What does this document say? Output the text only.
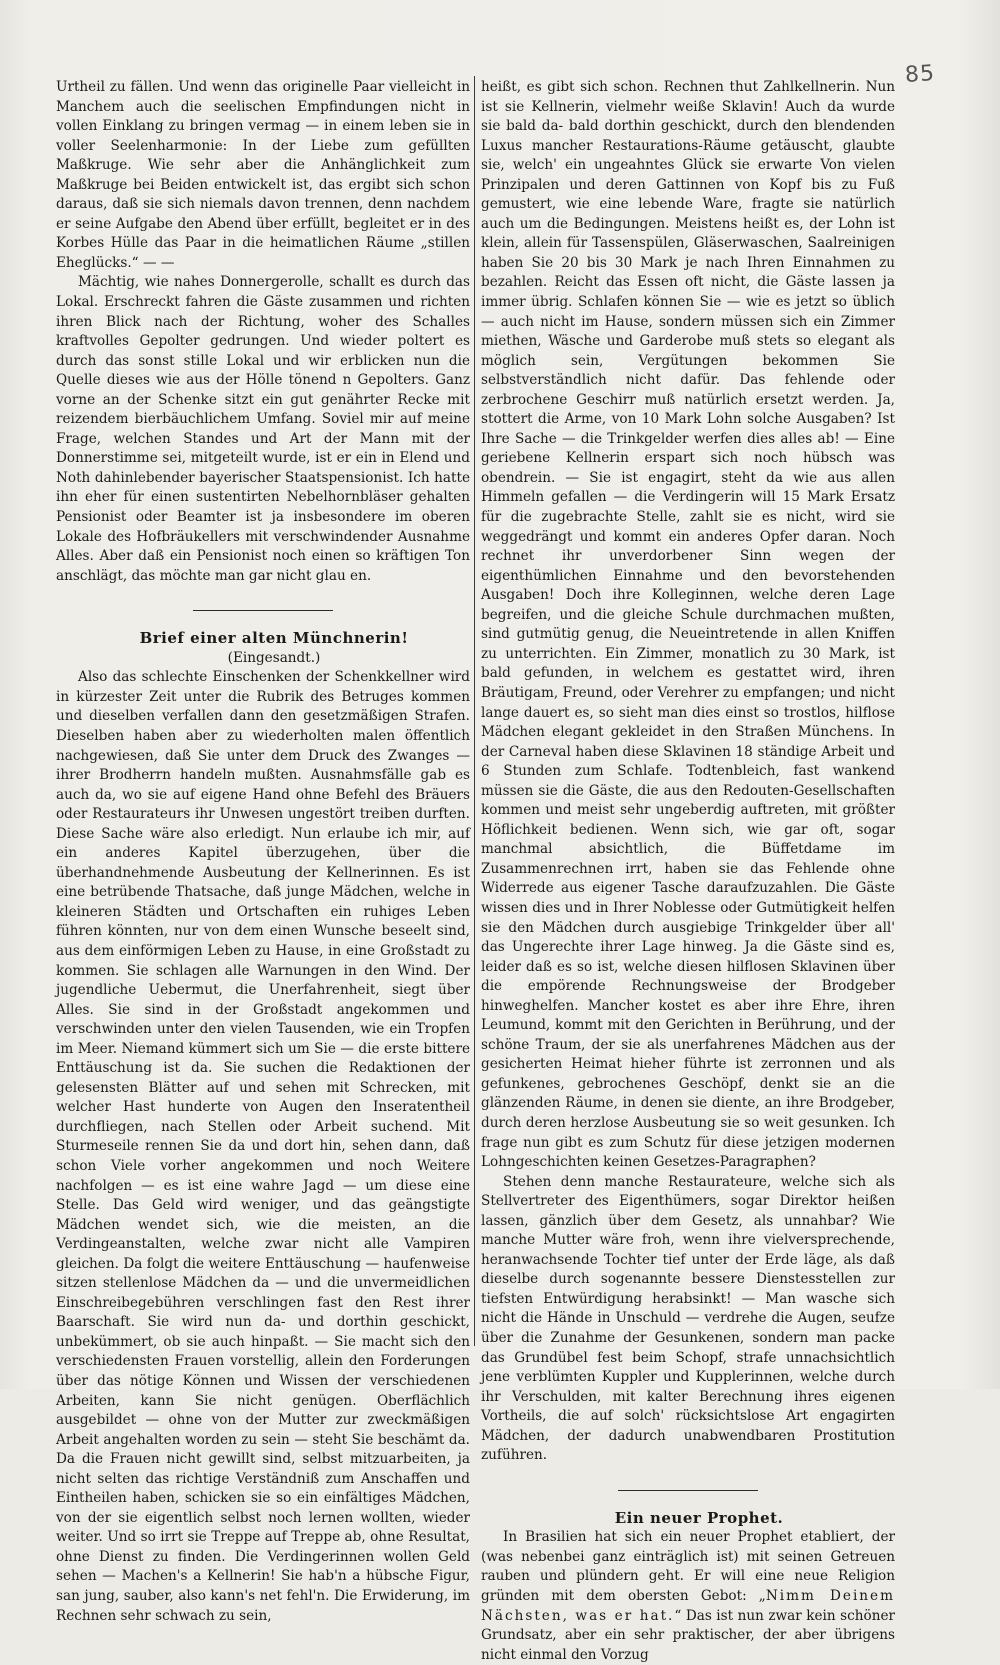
85

Urtheil zu fällen. Und wenn das originelle Paar vielleicht in Manchem auch die seelischen Empfindungen nicht in vollen Einklang zu bringen vermag — in einem leben sie in voller Seelenharmonie: In der Liebe zum gefüllten Maßkruge. Wie sehr aber die Anhänglichkeit zum Maßkruge bei Beiden entwickelt ist, das ergibt sich schon daraus, daß sie sich niemals davon trennen, denn nachdem er seine Aufgabe den Abend über erfüllt, begleitet er in des Korbes Hülle das Paar in die heimatlichen Räume „stillen Eheglücks.“ — —

Mächtig, wie nahes Donnergerolle, schallt es durch das Lokal. Erschreckt fahren die Gäste zusammen und richten ihren Blick nach der Richtung, woher des Schalles kraftvolles Gepolter gedrungen. Und wieder poltert es durch das sonst stille Lokal und wir erblicken nun die Quelle dieses wie aus der Hölle tönend n Gepolters. Ganz vorne an der Schenke sitzt ein gut genährter Recke mit reizendem bierbäuchlichem Umfang. Soviel mir auf meine Frage, welchen Standes und Art der Mann mit der Donnerstimme sei, mitgeteilt wurde, ist er ein in Elend und Noth dahinlebender bayerischer Staatspensionist. Ich hatte ihn eher für einen sustentirten Nebelhornbläser gehalten Pensionist oder Beamter ist ja insbesondere im oberen Lokale des Hofbräukellers mit verschwindender Ausnahme Alles. Aber daß ein Pensionist noch einen so kräftigen Ton anschlägt, das möchte man gar nicht glau en.

Brief einer alten Münchnerin!

(Eingesandt.)

Also das schlechte Einschenken der Schenkkellner wird in kürzester Zeit unter die Rubrik des Betruges kommen und dieselben verfallen dann den gesetzmäßigen Strafen. Dieselben haben aber zu wiederholten malen öffentlich nachgewiesen, daß Sie unter dem Druck des Zwanges — ihrer Brodherrn handeln mußten. Ausnahmsfälle gab es auch da, wo sie auf eigene Hand ohne Befehl des Bräuers oder Restaurateurs ihr Unwesen ungestört treiben durften. Diese Sache wäre also erledigt. Nun erlaube ich mir, auf ein anderes Kapitel überzugehen, über die überhandnehmende Ausbeutung der Kellnerinnen. Es ist eine betrübende Thatsache, daß junge Mädchen, welche in kleineren Städten und Ortschaften ein ruhiges Leben führen könnten, nur von dem einen Wunsche beseelt sind, aus dem einförmigen Leben zu Hause, in eine Großstadt zu kommen. Sie schlagen alle Warnungen in den Wind. Der jugendliche Uebermut, die Unerfahrenheit, siegt über Alles. Sie sind in der Großstadt angekommen und verschwinden unter den vielen Tausenden, wie ein Tropfen im Meer. Niemand kümmert sich um Sie — die erste bittere Enttäuschung ist da. Sie suchen die Redaktionen der gelesensten Blätter auf und sehen mit Schrecken, mit welcher Hast hunderte von Augen den Inseratentheil durchfliegen, nach Stellen oder Arbeit suchend. Mit Sturmeseile rennen Sie da und dort hin, sehen dann, daß schon Viele vorher angekommen und noch Weitere nachfolgen — es ist eine wahre Jagd — um diese eine Stelle. Das Geld wird weniger, und das geängstigte Mädchen wendet sich, wie die meisten, an die Verdingeanstalten, welche zwar nicht alle Vampiren gleichen. Da folgt die weitere Enttäuschung — haufenweise sitzen stellenlose Mädchen da — und die unvermeidlichen Einschreibegebühren verschlingen fast den Rest ihrer Baarschaft. Sie wird nun da- und dorthin geschickt, unbekümmert, ob sie auch hinpaßt. — Sie macht sich den verschiedensten Frauen vorstellig, allein den Forderungen über das nötige Können und Wissen der verschiedenen Arbeiten, kann Sie nicht genügen. Oberflächlich ausgebildet — ohne von der Mutter zur zweckmäßigen Arbeit angehalten worden zu sein — steht Sie beschämt da. Da die Frauen nicht gewillt sind, selbst mitzuarbeiten, ja nicht selten das richtige Verständniß zum Anschaffen und Eintheilen haben, schicken sie so ein einfältiges Mädchen, von der sie eigentlich selbst noch lernen wollten, wieder weiter. Und so irrt sie Treppe auf Treppe ab, ohne Resultat, ohne Dienst zu finden. Die Verdingerinnen wollen Geld sehen — Machen's a Kellnerin! Sie hab'n a hübsche Figur, san jung, sauber, also kann's net fehl'n. Die Erwiderung, im Rechnen sehr schwach zu sein,

heißt, es gibt sich schon. Rechnen thut Zahlkellnerin. Nun ist sie Kellnerin, vielmehr weiße Sklavin! Auch da wurde sie bald da- bald dorthin geschickt, durch den blendenden Luxus mancher Restaurations-Räume getäuscht, glaubte sie, welch' ein ungeahntes Glück sie erwarte Von vielen Prinzipalen und deren Gattinnen von Kopf bis zu Fuß gemustert, wie eine lebende Ware, fragte sie natürlich auch um die Bedingungen. Meistens heißt es, der Lohn ist klein, allein für Tassenspülen, Gläserwaschen, Saalreinigen haben Sie 20 bis 30 Mark je nach Ihren Einnahmen zu bezahlen. Reicht das Essen oft nicht, die Gäste lassen ja immer übrig. Schlafen können Sie — wie es jetzt so üblich — auch nicht im Hause, sondern müssen sich ein Zimmer miethen, Wäsche und Garderobe muß stets so elegant als möglich sein, Vergütungen bekommen Sie selbstverständlich nicht dafür. Das fehlende oder zerbrochene Geschirr muß natürlich ersetzt werden. Ja, stottert die Arme, von 10 Mark Lohn solche Ausgaben? Ist Ihre Sache — die Trinkgelder werfen dies alles ab! — Eine geriebene Kellnerin erspart sich noch hübsch was obendrein. — Sie ist engagirt, steht da wie aus allen Himmeln gefallen — die Verdingerin will 15 Mark Ersatz für die zugebrachte Stelle, zahlt sie es nicht, wird sie weggedrängt und kommt ein anderes Opfer daran. Noch rechnet ihr unverdorbener Sinn wegen der eigenthümlichen Einnahme und den bevorstehenden Ausgaben! Doch ihre Kolleginnen, welche deren Lage begreifen, und die gleiche Schule durchmachen mußten, sind gutmütig genug, die Neueintretende in allen Kniffen zu unterrichten. Ein Zimmer, monatlich zu 30 Mark, ist bald gefunden, in welchem es gestattet wird, ihren Bräutigam, Freund, oder Verehrer zu empfangen; und nicht lange dauert es, so sieht man dies einst so trostlos, hilflose Mädchen elegant gekleidet in den Straßen Münchens. In der Carneval haben diese Sklavinen 18 ständige Arbeit und 6 Stunden zum Schlafe. Todtenbleich, fast wankend müssen sie die Gäste, die aus den Redouten-Gesellschaften kommen und meist sehr ungeberdig auftreten, mit größter Höflichkeit bedienen. Wenn sich, wie gar oft, sogar manchmal absichtlich, die Büffetdame im Zusammenrechnen irrt, haben sie das Fehlende ohne Widerrede aus eigener Tasche daraufzuzahlen. Die Gäste wissen dies und in Ihrer Noblesse oder Gutmütigkeit helfen sie den Mädchen durch ausgiebige Trinkgelder über all' das Ungerechte ihrer Lage hinweg. Ja die Gäste sind es, leider daß es so ist, welche diesen hilflosen Sklavinen über die empörende Rechnungsweise der Brodgeber hinweghelfen. Mancher kostet es aber ihre Ehre, ihren Leumund, kommt mit den Gerichten in Berührung, und der schöne Traum, der sie als unerfahrenes Mädchen aus der gesicherten Heimat hieher führte ist zerronnen und als gefunkenes, gebrochenes Geschöpf, denkt sie an die glänzenden Räume, in denen sie diente, an ihre Brodgeber, durch deren herzlose Ausbeutung sie so weit gesunken. Ich frage nun gibt es zum Schutz für diese jetzigen modernen Lohngeschichten keinen Gesetzes-Paragraphen?

Stehen denn manche Restaurateure, welche sich als Stellvertreter des Eigenthümers, sogar Direktor heißen lassen, gänzlich über dem Gesetz, als unnahbar? Wie manche Mutter wäre froh, wenn ihre vielversprechende, heranwachsende Tochter tief unter der Erde läge, als daß dieselbe durch sogenannte bessere Dienstesstellen zur tiefsten Entwürdigung herabsinkt! — Man wasche sich nicht die Hände in Unschuld — verdrehe die Augen, seufze über die Zunahme der Gesunkenen, sondern man packe das Grundübel fest beim Schopf, strafe unnachsichtlich jene verblümten Kuppler und Kupplerinnen, welche durch ihr Verschulden, mit kalter Berechnung ihres eigenen Vortheils, die auf solch' rücksichtslose Art engagirten Mädchen, der dadurch unabwendbaren Prostitution zuführen.

Ein neuer Prophet.

In Brasilien hat sich ein neuer Prophet etabliert, der (was nebenbei ganz einträglich ist) mit seinen Getreuen rauben und plündern geht. Er will eine neue Religion gründen mit dem obersten Gebot: „Nimm Deinem Nächsten, was er hat.“ Das ist nun zwar kein schöner Grundsatz, aber ein sehr praktischer, der aber übrigens nicht einmal den Vorzug
